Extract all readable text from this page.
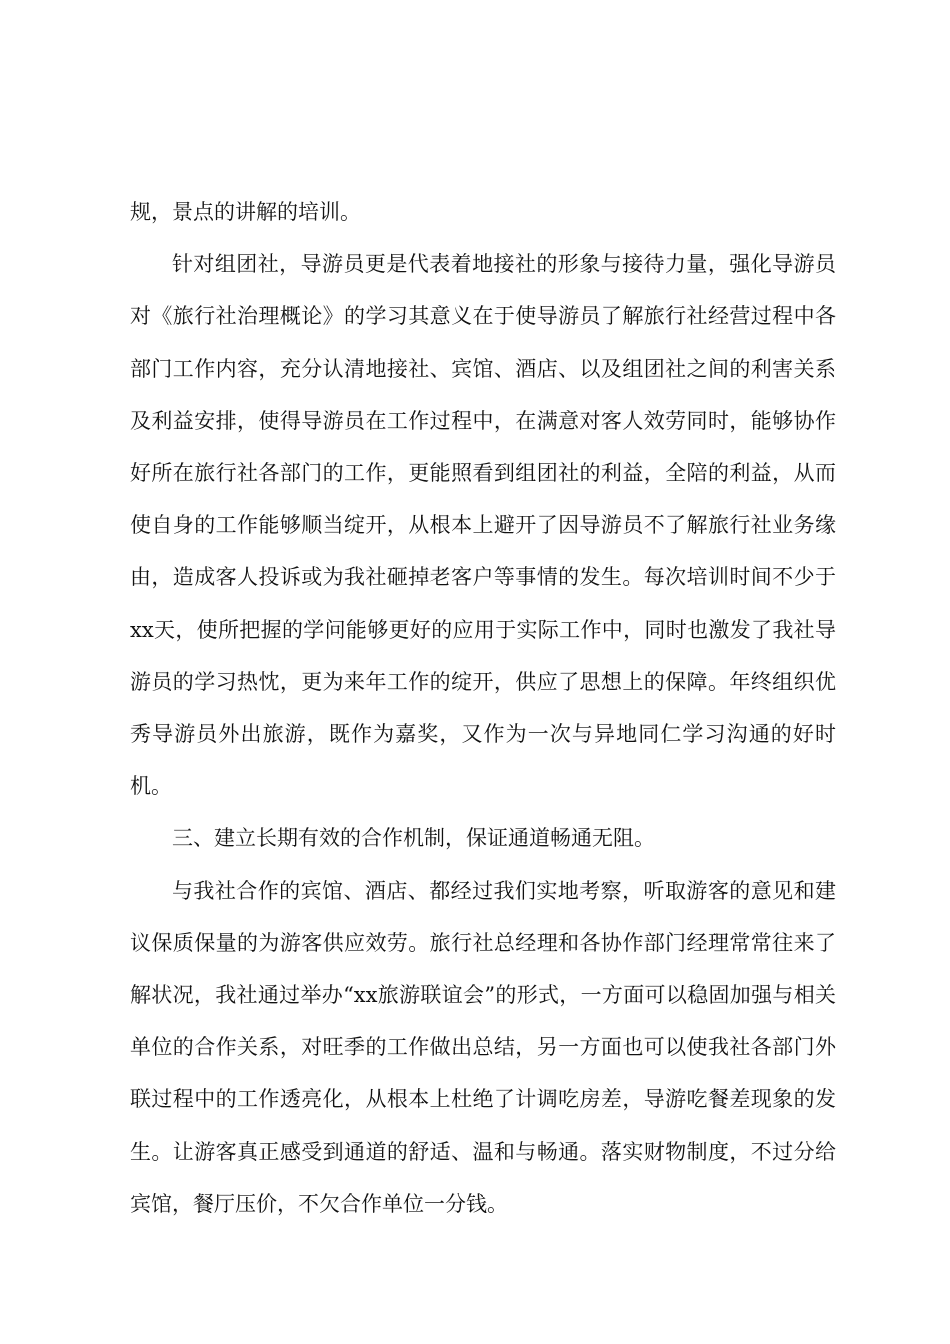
规，景点的讲解的培训。

针对组团社，导游员更是代表着地接社的形象与接待力量，强化导游员对《旅行社治理概论》的学习其意义在于使导游员了解旅行社经营过程中各部门工作内容，充分认清地接社、宾馆、酒店、以及组团社之间的利害关系及利益安排，使得导游员在工作过程中，在满意对客人效劳同时，能够协作好所在旅行社各部门的工作，更能照看到组团社的利益，全陪的利益，从而使自身的工作能够顺当绽开，从根本上避开了因导游员不了解旅行社业务缘由，造成客人投诉或为我社砸掉老客户等事情的发生。每次培训时间不少于xx天，使所把握的学问能够更好的应用于实际工作中，同时也激发了我社导游员的学习热忱，更为来年工作的绽开，供应了思想上的保障。年终组织优秀导游员外出旅游，既作为嘉奖，又作为一次与异地同仁学习沟通的好时机。

三、建立长期有效的合作机制，保证通道畅通无阻。

与我社合作的宾馆、酒店、都经过我们实地考察，听取游客的意见和建议保质保量的为游客供应效劳。旅行社总经理和各协作部门经理常常往来了解状况，我社通过举办“xx旅游联谊会”的形式，一方面可以稳固加强与相关单位的合作关系，对旺季的工作做出总结，另一方面也可以使我社各部门外联过程中的工作透亮化，从根本上杜绝了计调吃房差，导游吃餐差现象的发生。让游客真正感受到通道的舒适、温和与畅通。落实财物制度，不过分给宾馆，餐厅压价，不欠合作单位一分钱。
